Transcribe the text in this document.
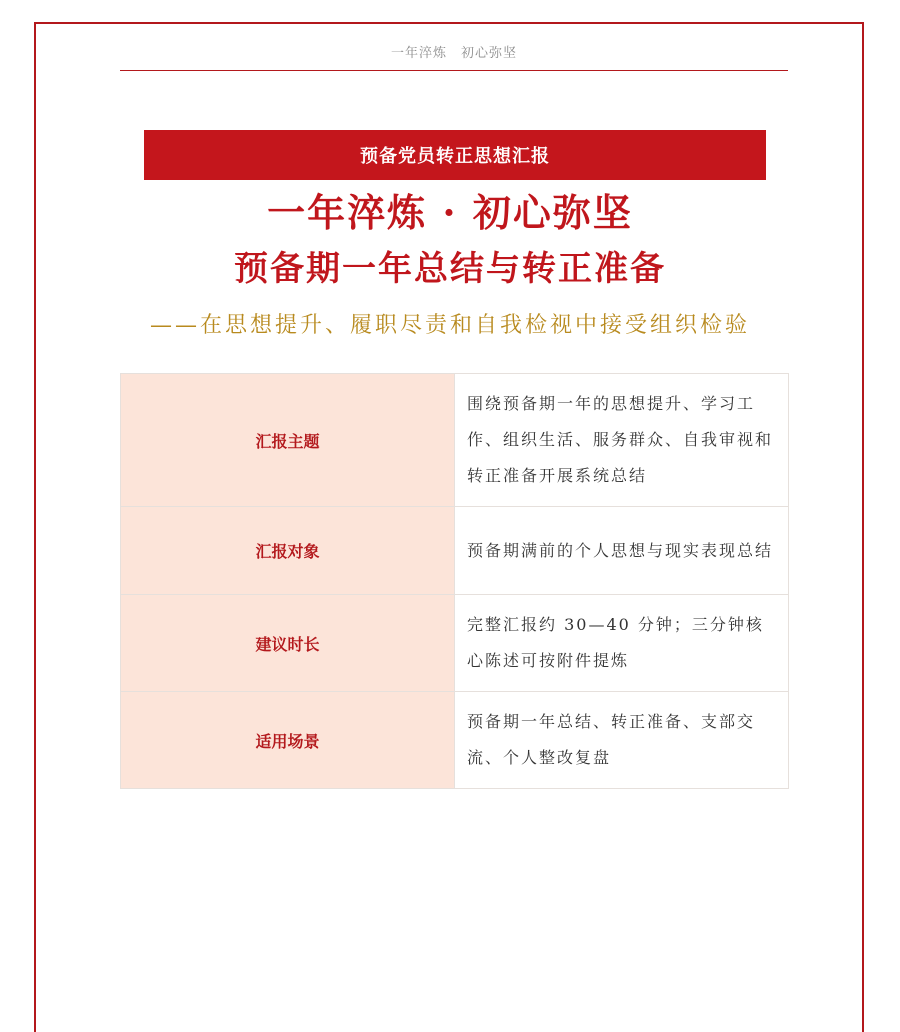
一年淬炼　初心弥坚
预备党员转正思想汇报
一年淬炼 · 初心弥坚
预备期一年总结与转正准备
——在思想提升、履职尽责和自我检视中接受组织检验
汇报主题	围绕预备期一年的思想提升、学习工作、组织生活、服务群众、自我审视和转正准备开展系统总结
汇报对象	预备期满前的个人思想与现实表现总结
建议时长	完整汇报约 30—40 分钟；三分钟核心陈述可按附件提炼
适用场景	预备期一年总结、转正准备、支部交流、个人整改复盘
